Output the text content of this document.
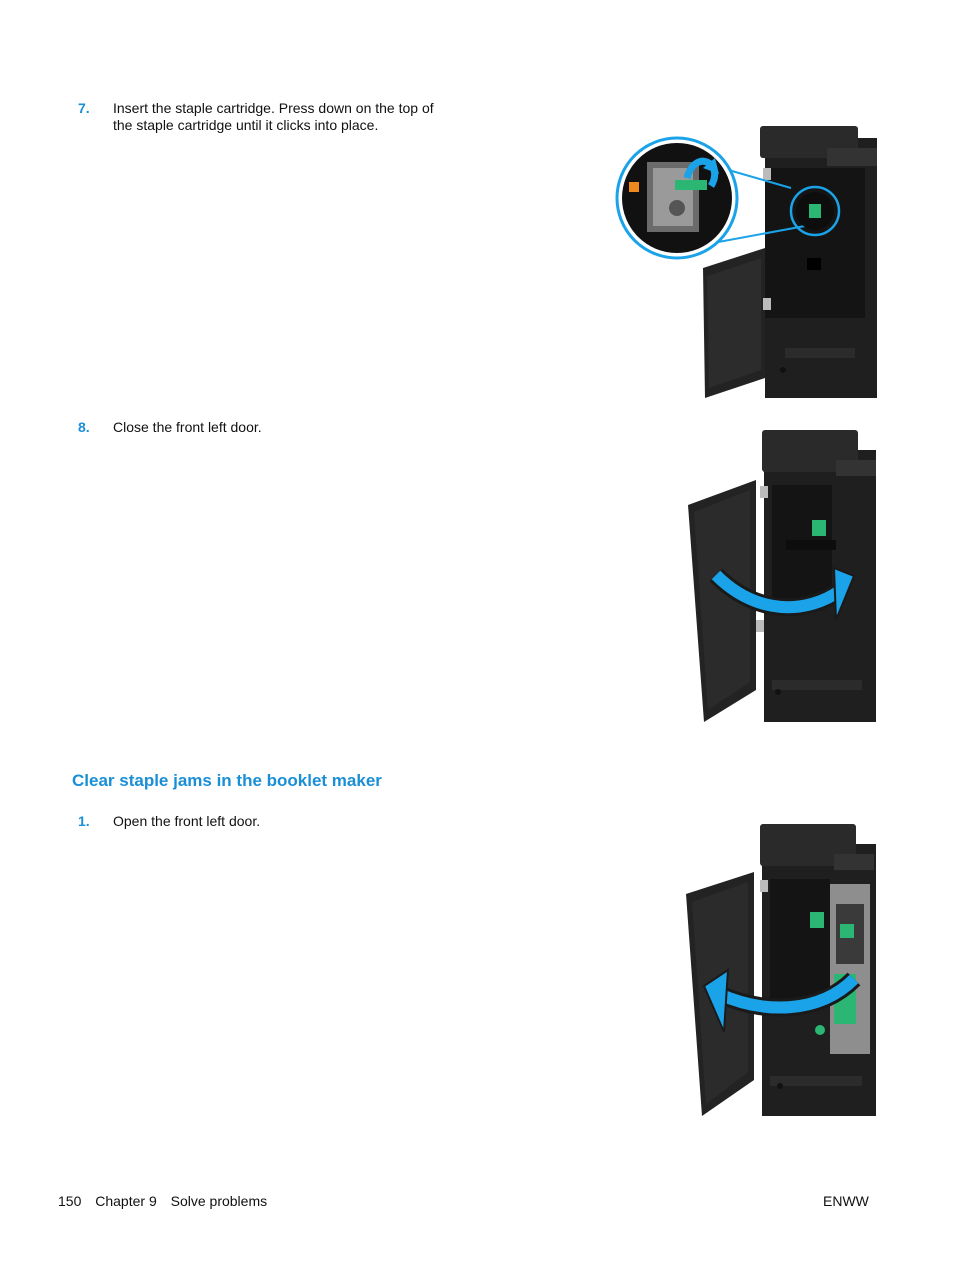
7. Insert the staple cartridge. Press down on the top of the staple cartridge until it clicks into place.
8. Close the front left door.
Clear staple jams in the booklet maker
1. Open the front left door.
150 Chapter 9 Solve problems	ENWW
